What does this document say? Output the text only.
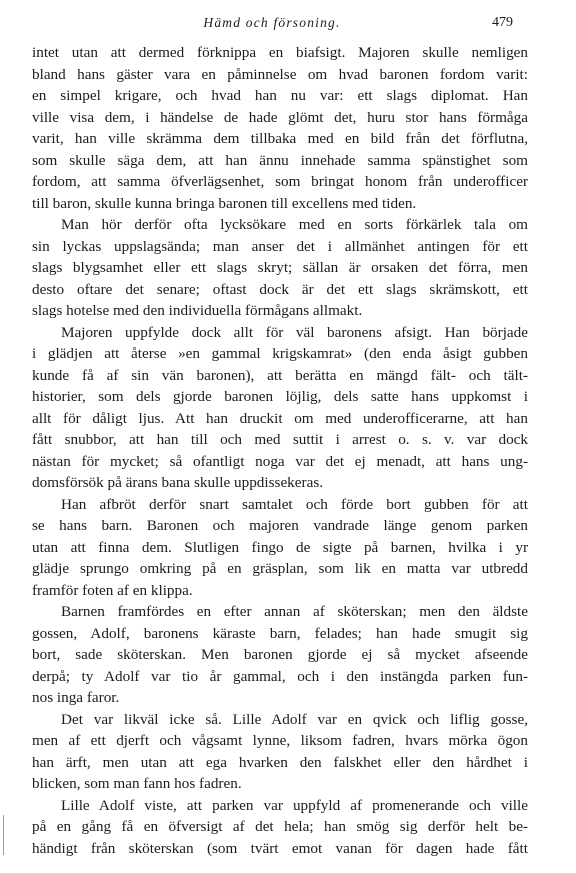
Hämd och försoning.	479
intet utan att dermed förknippa en biafsigt. Majoren skulle nemligen
bland hans gäster vara en påminnelse om hvad baronen fordom varit:
en simpel krigare, och hvad han nu var: ett slags diplomat. Han
ville visa dem, i händelse de hade glömt det, huru stor hans förmåga
varit, han ville skrämma dem tillbaka med en bild från det förflutna,
som skulle säga dem, att han ännu innehade samma spänstighet som
fordom, att samma öfverlägsenhet, som bringat honom från underofficer
till baron, skulle kunna bringa baronen till excellens med tiden.
Man hör derför ofta lycksökare med en sorts förkärlek tala om
sin lyckas uppslagsända; man anser det i allmänhet antingen för ett
slags blygsamhet eller ett slags skryt; sällan är orsaken det förra, men
desto oftare det senare; oftast dock är det ett slags skrämskott, ett
slags hotelse med den individuella förmågans allmakt.
Majoren uppfylde dock allt för väl baronens afsigt. Han började
i glädjen att återse »en gammal krigskamrat» (den enda åsigt gubben
kunde få af sin vän baronen), att berätta en mängd fält- och tält-
historier, som dels gjorde baronen löjlig, dels satte hans uppkomst i
allt för dåligt ljus. Att han druckit om med underofficerarne, att han
fått snubbor, att han till och med suttit i arrest o. s. v. var dock
nästan för mycket; så ofantligt noga var det ej menadt, att hans ung-
domsförsök på ärans bana skulle uppdissekeras.
Han afbröt derför snart samtalet och förde bort gubben för att
se hans barn. Baronen och majoren vandrade länge genom parken
utan att finna dem. Slutligen fingo de sigte på barnen, hvilka i yr
glädje sprungo omkring på en gräsplan, som lik en matta var utbredd
framför foten af en klippa.
Barnen framfördes en efter annan af sköterskan; men den äldste
gossen, Adolf, baronens käraste barn, felades; han hade smugit sig
bort, sade sköterskan. Men baronen gjorde ej så mycket afseende
derpå; ty Adolf var tio år gammal, och i den instängda parken fun-
nos inga faror.
Det var likväl icke så. Lille Adolf var en qvick och liflig gosse,
men af ett djerft och vågsamt lynne, liksom fadren, hvars mörka ögon
han ärft, men utan att ega hvarken den falskhet eller den hårdhet i
blicken, som man fann hos fadren.
Lille Adolf viste, att parken var uppfyld af promenerande och ville
på en gång få en öfversigt af det hela; han smög sig derför helt be-
händigt från sköterskan (som tvärt emot vanan för dagen hade fått
